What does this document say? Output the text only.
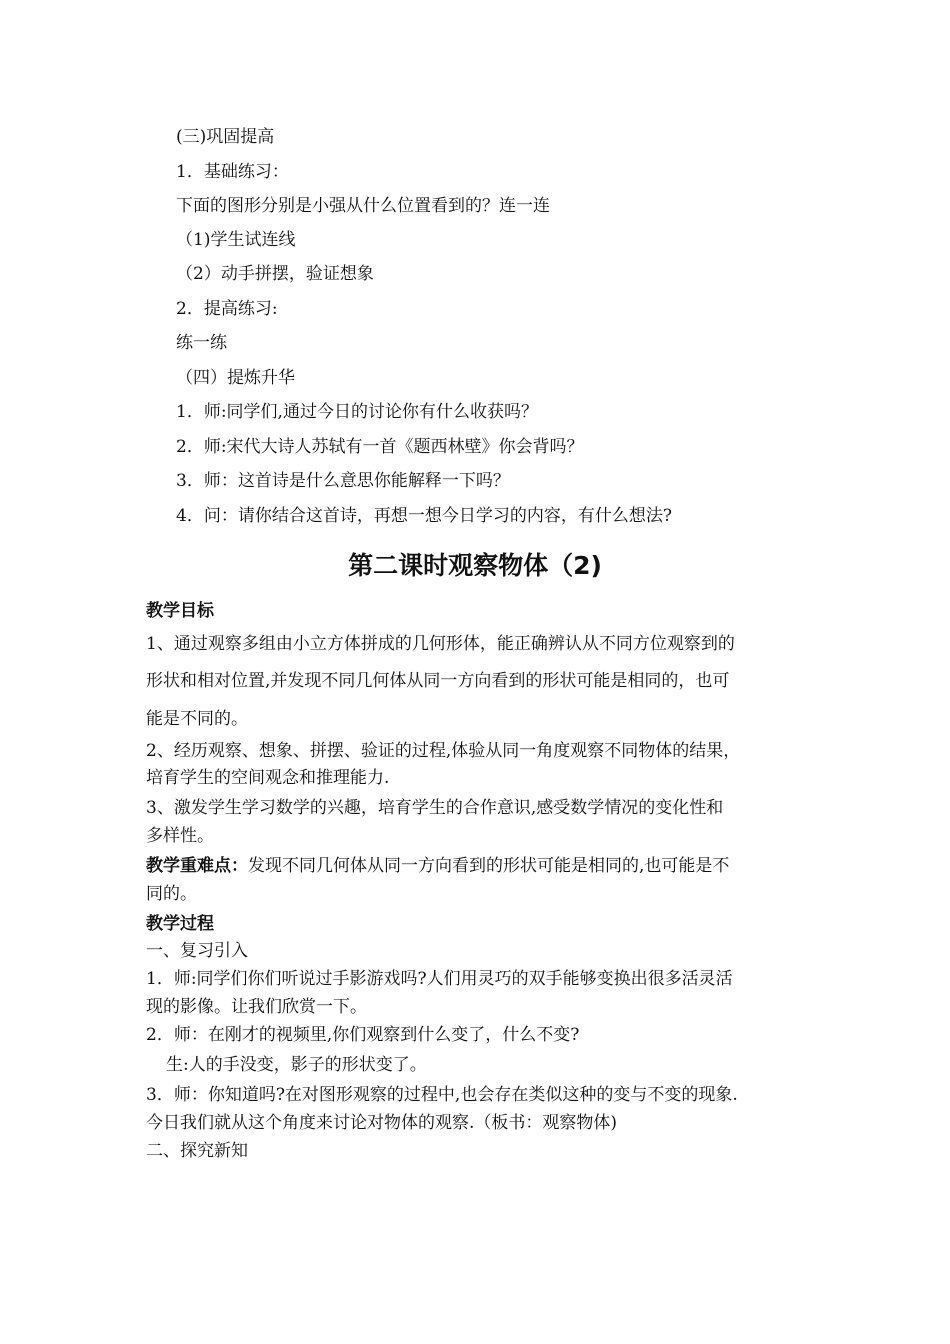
(三)巩固提高
1．基础练习：
下面的图形分别是小强从什么位置看到的？连一连
（1)学生试连线
（2）动手拼摆，验证想象
2．提高练习:
练一练
（四）提炼升华
1．师:同学们,通过今日的讨论你有什么收获吗？
2．师:宋代大诗人苏轼有一首《题西林壁》你会背吗？
3．师：这首诗是什么意思你能解释一下吗？
4．问：请你结合这首诗，再想一想今日学习的内容，有什么想法?
第二课时观察物体（2)
教学目标
1、通过观察多组由小立方体拼成的几何形体，能正确辨认从不同方位观察到的
形状和相对位置,并发现不同几何体从同一方向看到的形状可能是相同的，也可
能是不同的。
2、经历观察、想象、拼摆、验证的过程,体验从同一角度观察不同物体的结果，
培育学生的空间观念和推理能力.
3、激发学生学习数学的兴趣，培育学生的合作意识,感受数学情况的变化性和
多样性。
教学重难点：发现不同几何体从同一方向看到的形状可能是相同的,也可能是不
同的。
教学过程
一、复习引入
1．师:同学们你们听说过手影游戏吗?人们用灵巧的双手能够变换出很多活灵活
现的影像。让我们欣赏一下。
2．师：在刚才的视频里,你们观察到什么变了，什么不变?
生:人的手没变，影子的形状变了。
3．师：你知道吗?在对图形观察的过程中,也会存在类似这种的变与不变的现象.
今日我们就从这个角度来讨论对物体的观察.（板书：观察物体)
二、探究新知
